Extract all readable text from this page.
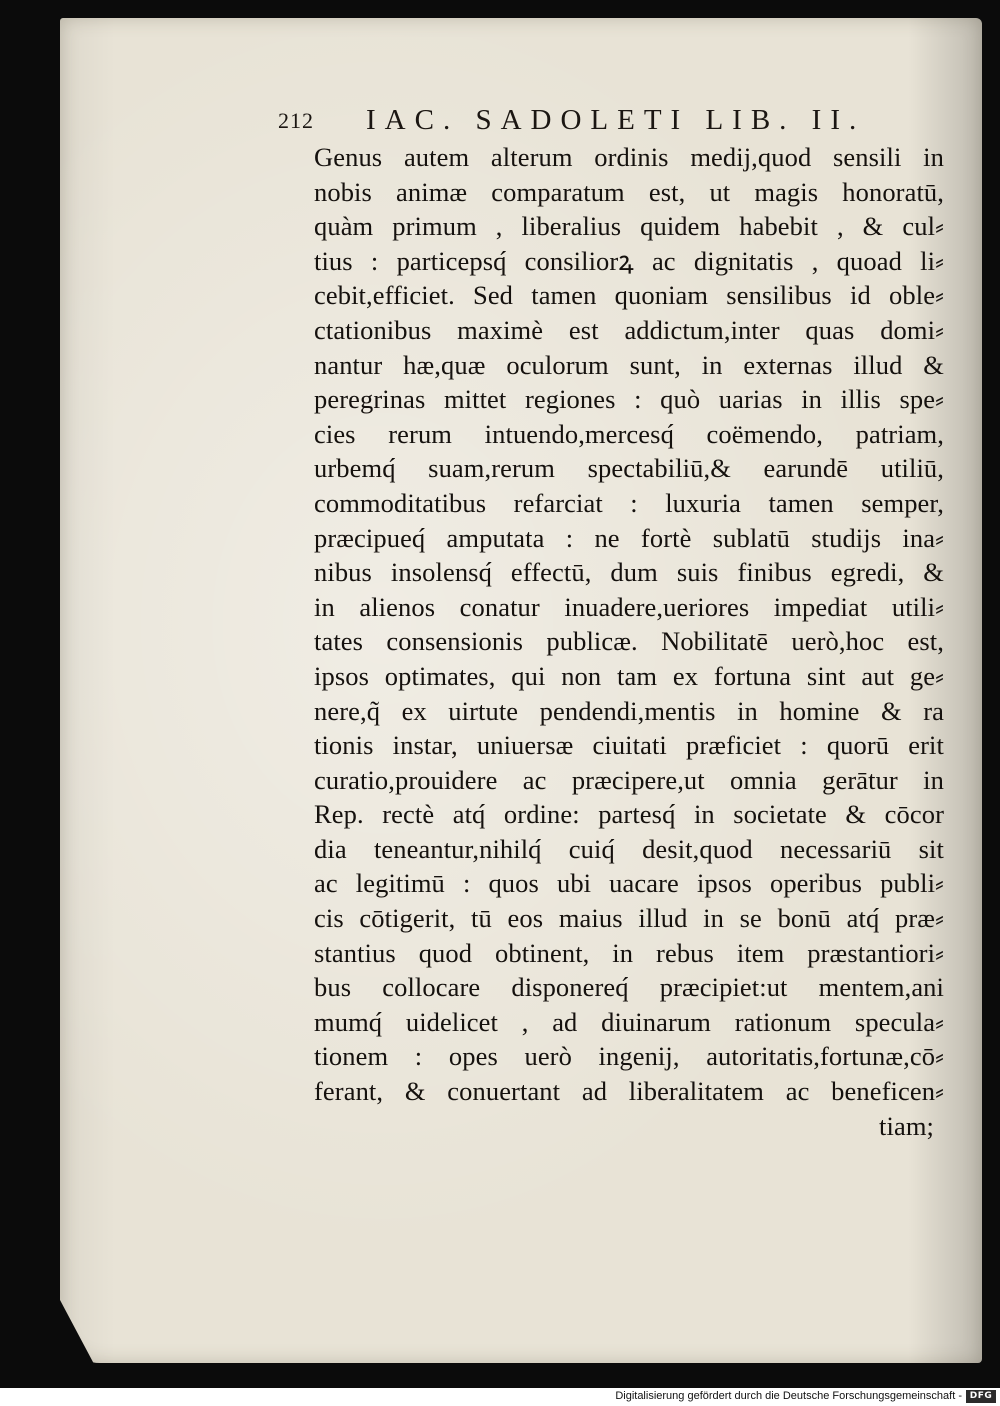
212 IAC. SADOLETI LIB. II.
Genus autem alterum ordinis medij,quod sensili in
nobis animæ comparatum est, ut magis honoratū,
quàm primum , liberalius quidem habebit , & cul⸗
tius : particepsq́ consiliorꝝ ac dignitatis , quoad li⸗
cebit,efficiet. Sed tamen quoniam sensilibus id oble⸗
ctationibus maximè est addictum,inter quas domi⸗
nantur hæ,quæ oculorum sunt, in externas illud &
peregrinas mittet regiones : quò uarias in illis spe⸗
cies rerum intuendo,mercesq́ coëmendo, patriam,
urbemq́ suam,rerum spectabiliū,& earundē utiliū,
commoditatibus refarciat : luxuria tamen semper,
præcipueq́ amputata : ne fortè sublatū studijs ina⸗
nibus insolensq́ effectū, dum suis finibus egredi, &
in alienos conatur inuadere,ueriores impediat utili⸗
tates consensionis publicæ. Nobilitatē uerò,hoc est,
ipsos optimates, qui non tam ex fortuna sint aut ge⸗
nere,q̃ ex uirtute pendendi,mentis in homine & ra
tionis instar, uniuersæ ciuitati præficiet : quorū erit
curatio,prouidere ac præcipere,ut omnia gerātur in
Rep. rectè atq́ ordine: partesq́ in societate & cōcor
dia teneantur,nihilq́ cuiq́ desit,quod necessariū sit
ac legitimū : quos ubi uacare ipsos operibus publi⸗
cis cōtigerit, tū eos maius illud in se bonū atq́ præ⸗
stantius quod obtinent, in rebus item præstantiori⸗
bus collocare disponereq́ præcipiet:ut mentem,ani
mumq́ uidelicet , ad diuinarum rationum specula⸗
tionem : opes uerò ingenij, autoritatis,fortunæ,cō⸗
ferant, & conuertant ad liberalitatem ac beneficen⸗
tiam;
Digitalisierung gefördert durch die Deutsche Forschungsgemeinschaft - DFG
